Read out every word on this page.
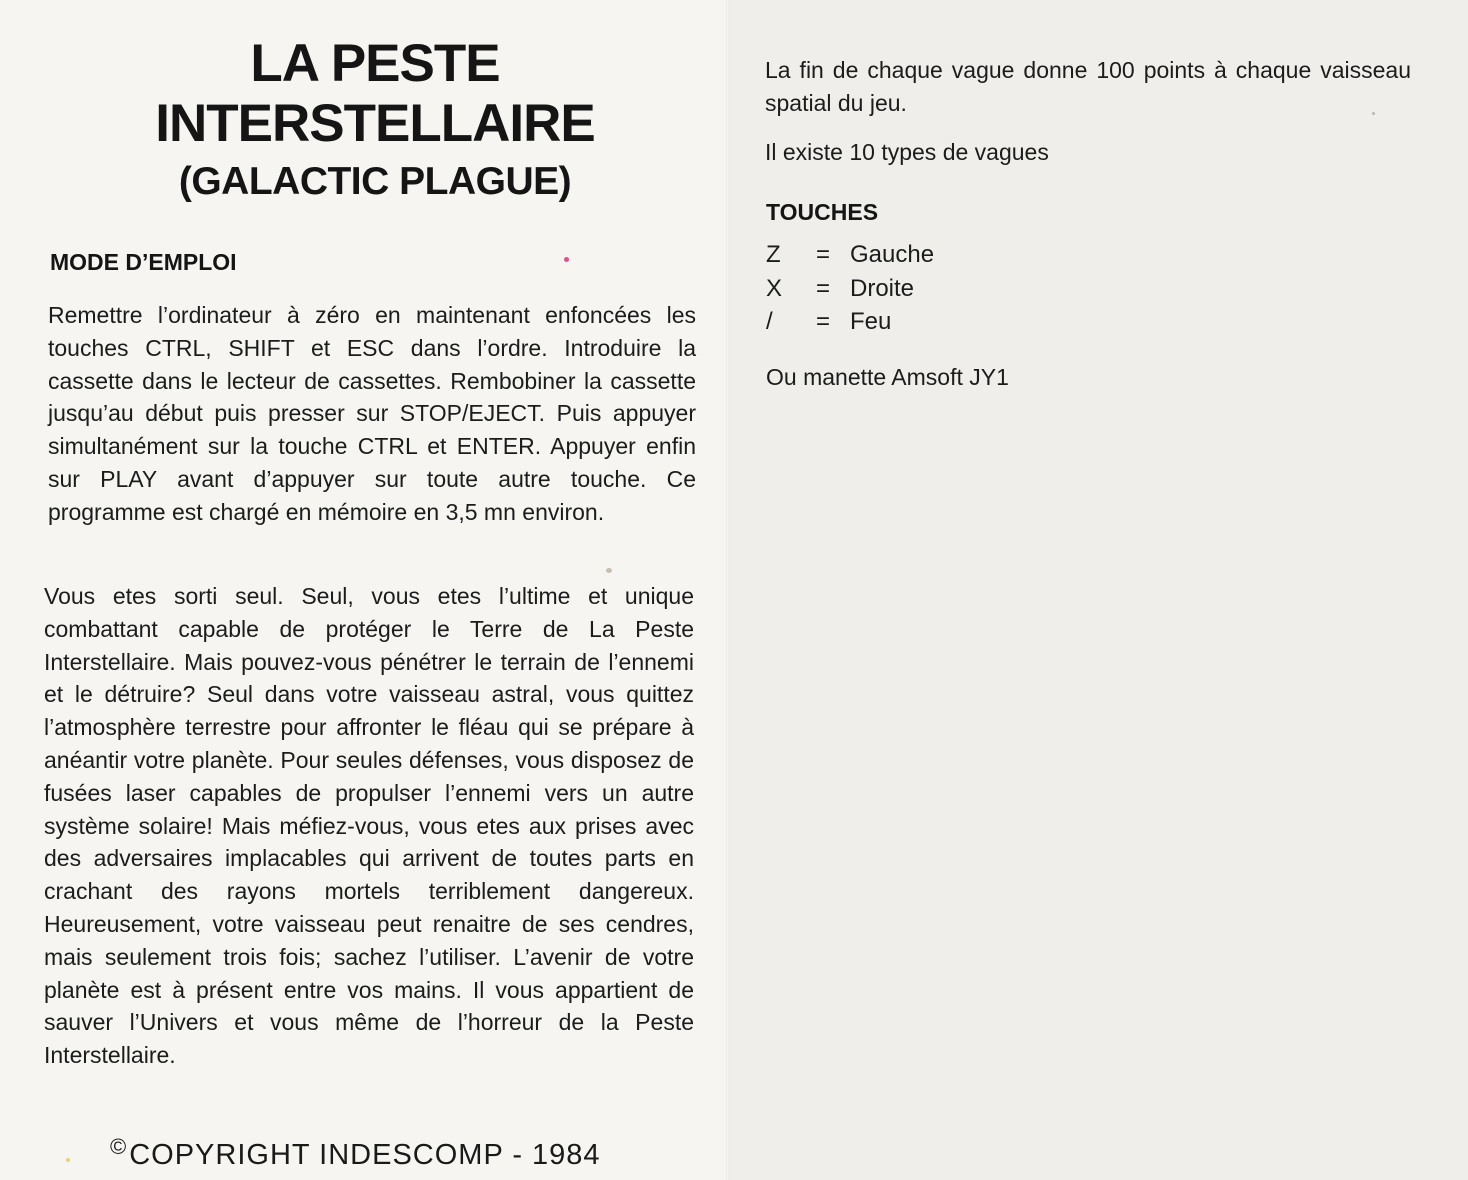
LA PESTE
INTERSTELLAIRE
(GALACTIC PLAGUE)
MODE D’EMPLOI

Remettre l’ordinateur à zéro en maintenant enfoncées les touches CTRL, SHIFT et ESC dans l’ordre. Introduire la cassette dans le lecteur de cassettes. Rembobiner la cassette jusqu’au début puis presser sur STOP/EJECT. Puis appuyer simultanément sur la touche CTRL et ENTER. Appuyer enfin sur PLAY avant d’appuyer sur toute autre touche. Ce programme est chargé en mémoire en 3,5 mn environ.

Vous etes sorti seul. Seul, vous etes l’ultime et unique combattant capable de protéger le Terre de La Peste Interstellaire. Mais pouvez-vous pénétrer le terrain de l’ennemi et le détruire? Seul dans votre vaisseau astral, vous quittez l’atmosphère terrestre pour affronter le fléau qui se prépare à anéantir votre planète. Pour seules défenses, vous disposez de fusées laser capables de propulser l’ennemi vers un autre système solaire! Mais méfiez-vous, vous etes aux prises avec des adversaires implacables qui arrivent de toutes parts en crachant des rayons mortels terriblement dangereux. Heureusement, votre vaisseau peut renaitre de ses cendres, mais seulement trois fois; sachez l’utiliser. L’avenir de votre planète est à présent entre vos mains. Il vous appartient de sauver l’Univers et vous même de l’horreur de la Peste Interstellaire.

©COPYRIGHT INDESCOMP - 1984

La fin de chaque vague donne 100 points à chaque vaisseau spatial du jeu.

Il existe 10 types de vagues
TOUCHES
Z = Gauche
X = Droite
/ = Feu
Ou manette Amsoft JY1
